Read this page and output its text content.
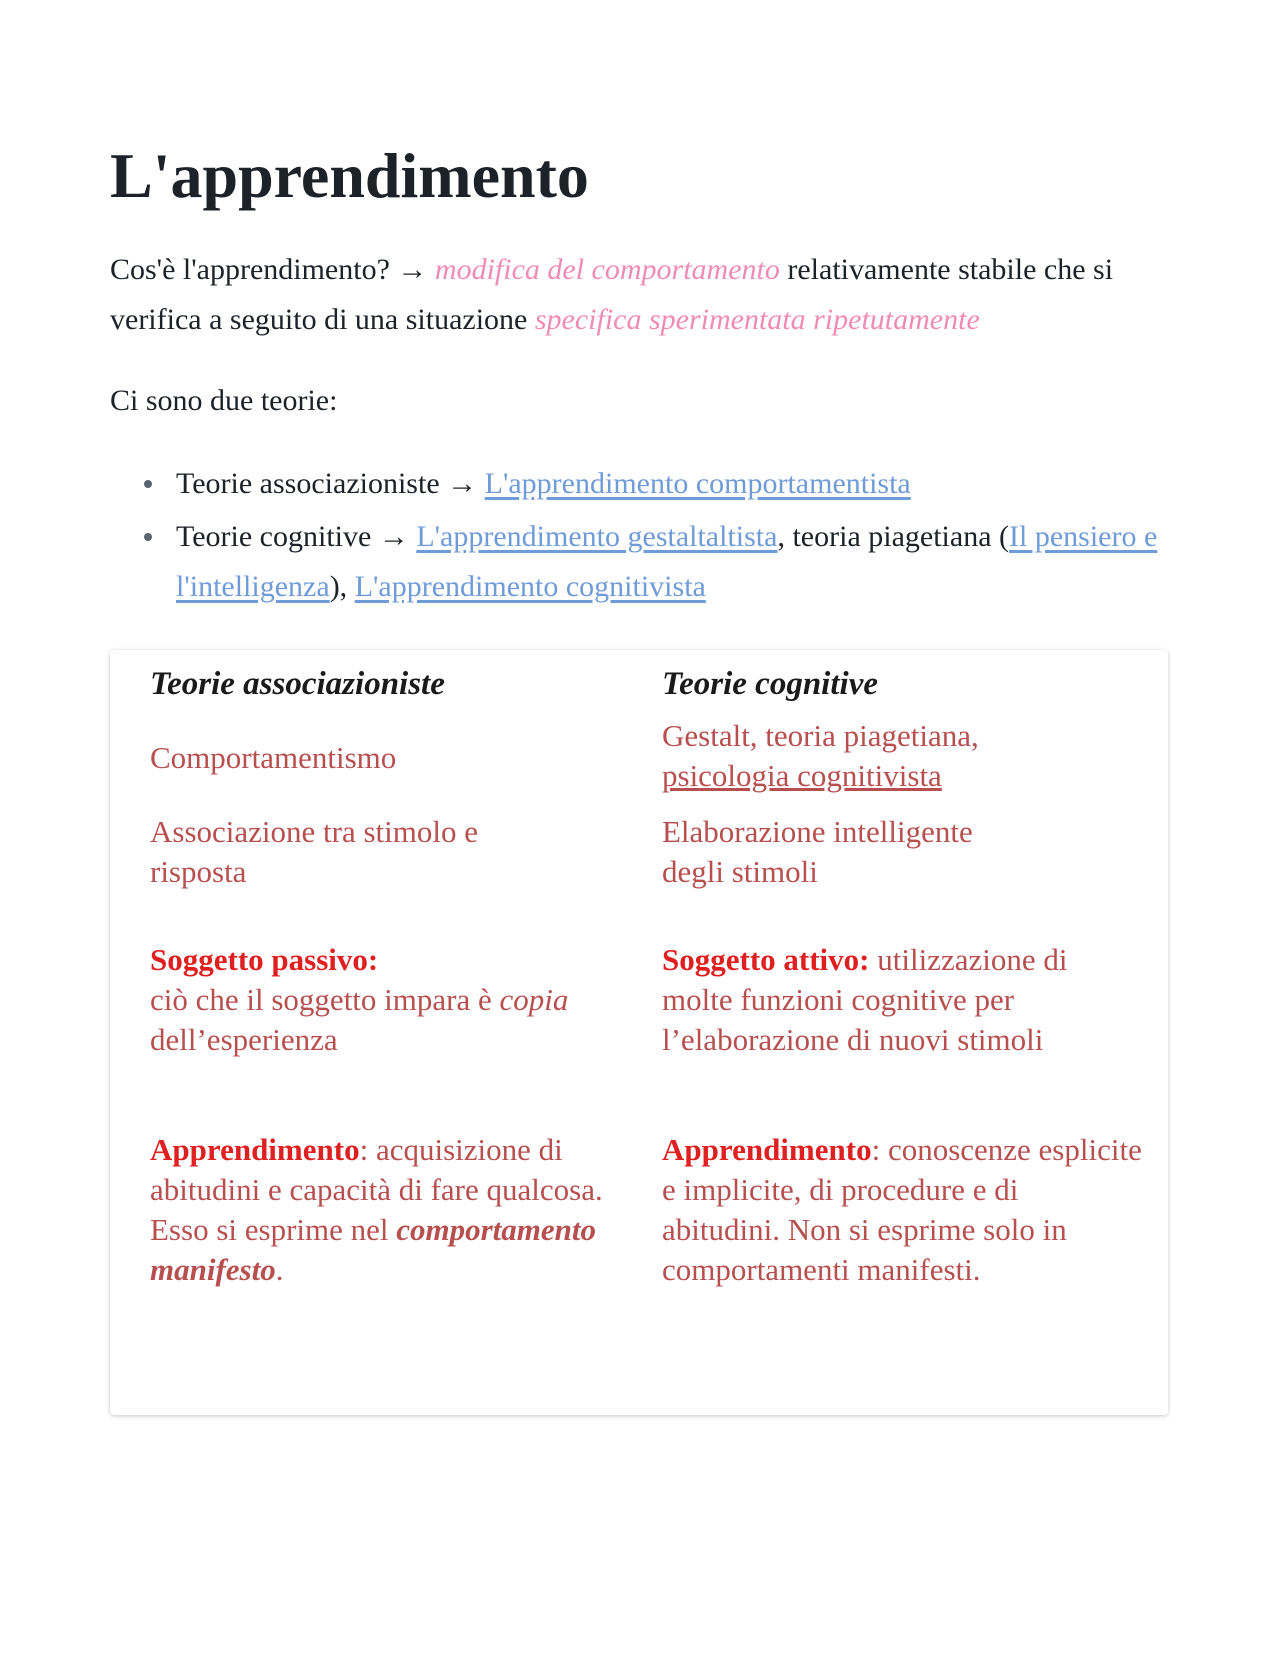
L'apprendimento

Cos'è l'apprendimento? → modifica del comportamento relativamente stabile che si verifica a seguito di una situazione specifica sperimentata ripetutamente

Ci sono due teorie:

Teorie associazioniste → L'apprendimento comportamentista
Teorie cognitive → L'apprendimento gestaltaltista, teoria piagetiana (Il pensiero e l'intelligenza), L'apprendimento cognitivista
Teorie associazioniste
Comportamentismo
Associazione tra stimolo e risposta
Soggetto passivo:
ciò che il soggetto impara è copia
dell’esperienza
Apprendimento: acquisizione di abitudini e capacità di fare qualcosa. Esso si esprime nel comportamento manifesto.
Teorie cognitive
Gestalt, teoria piagetiana,
psicologia cognitivista
Elaborazione intelligente degli stimoli
Soggetto attivo: utilizzazione di molte funzioni cognitive per l’elaborazione di nuovi stimoli
Apprendimento: conoscenze esplicite e implicite, di procedure e di abitudini. Non si esprime solo in comportamenti manifesti.
